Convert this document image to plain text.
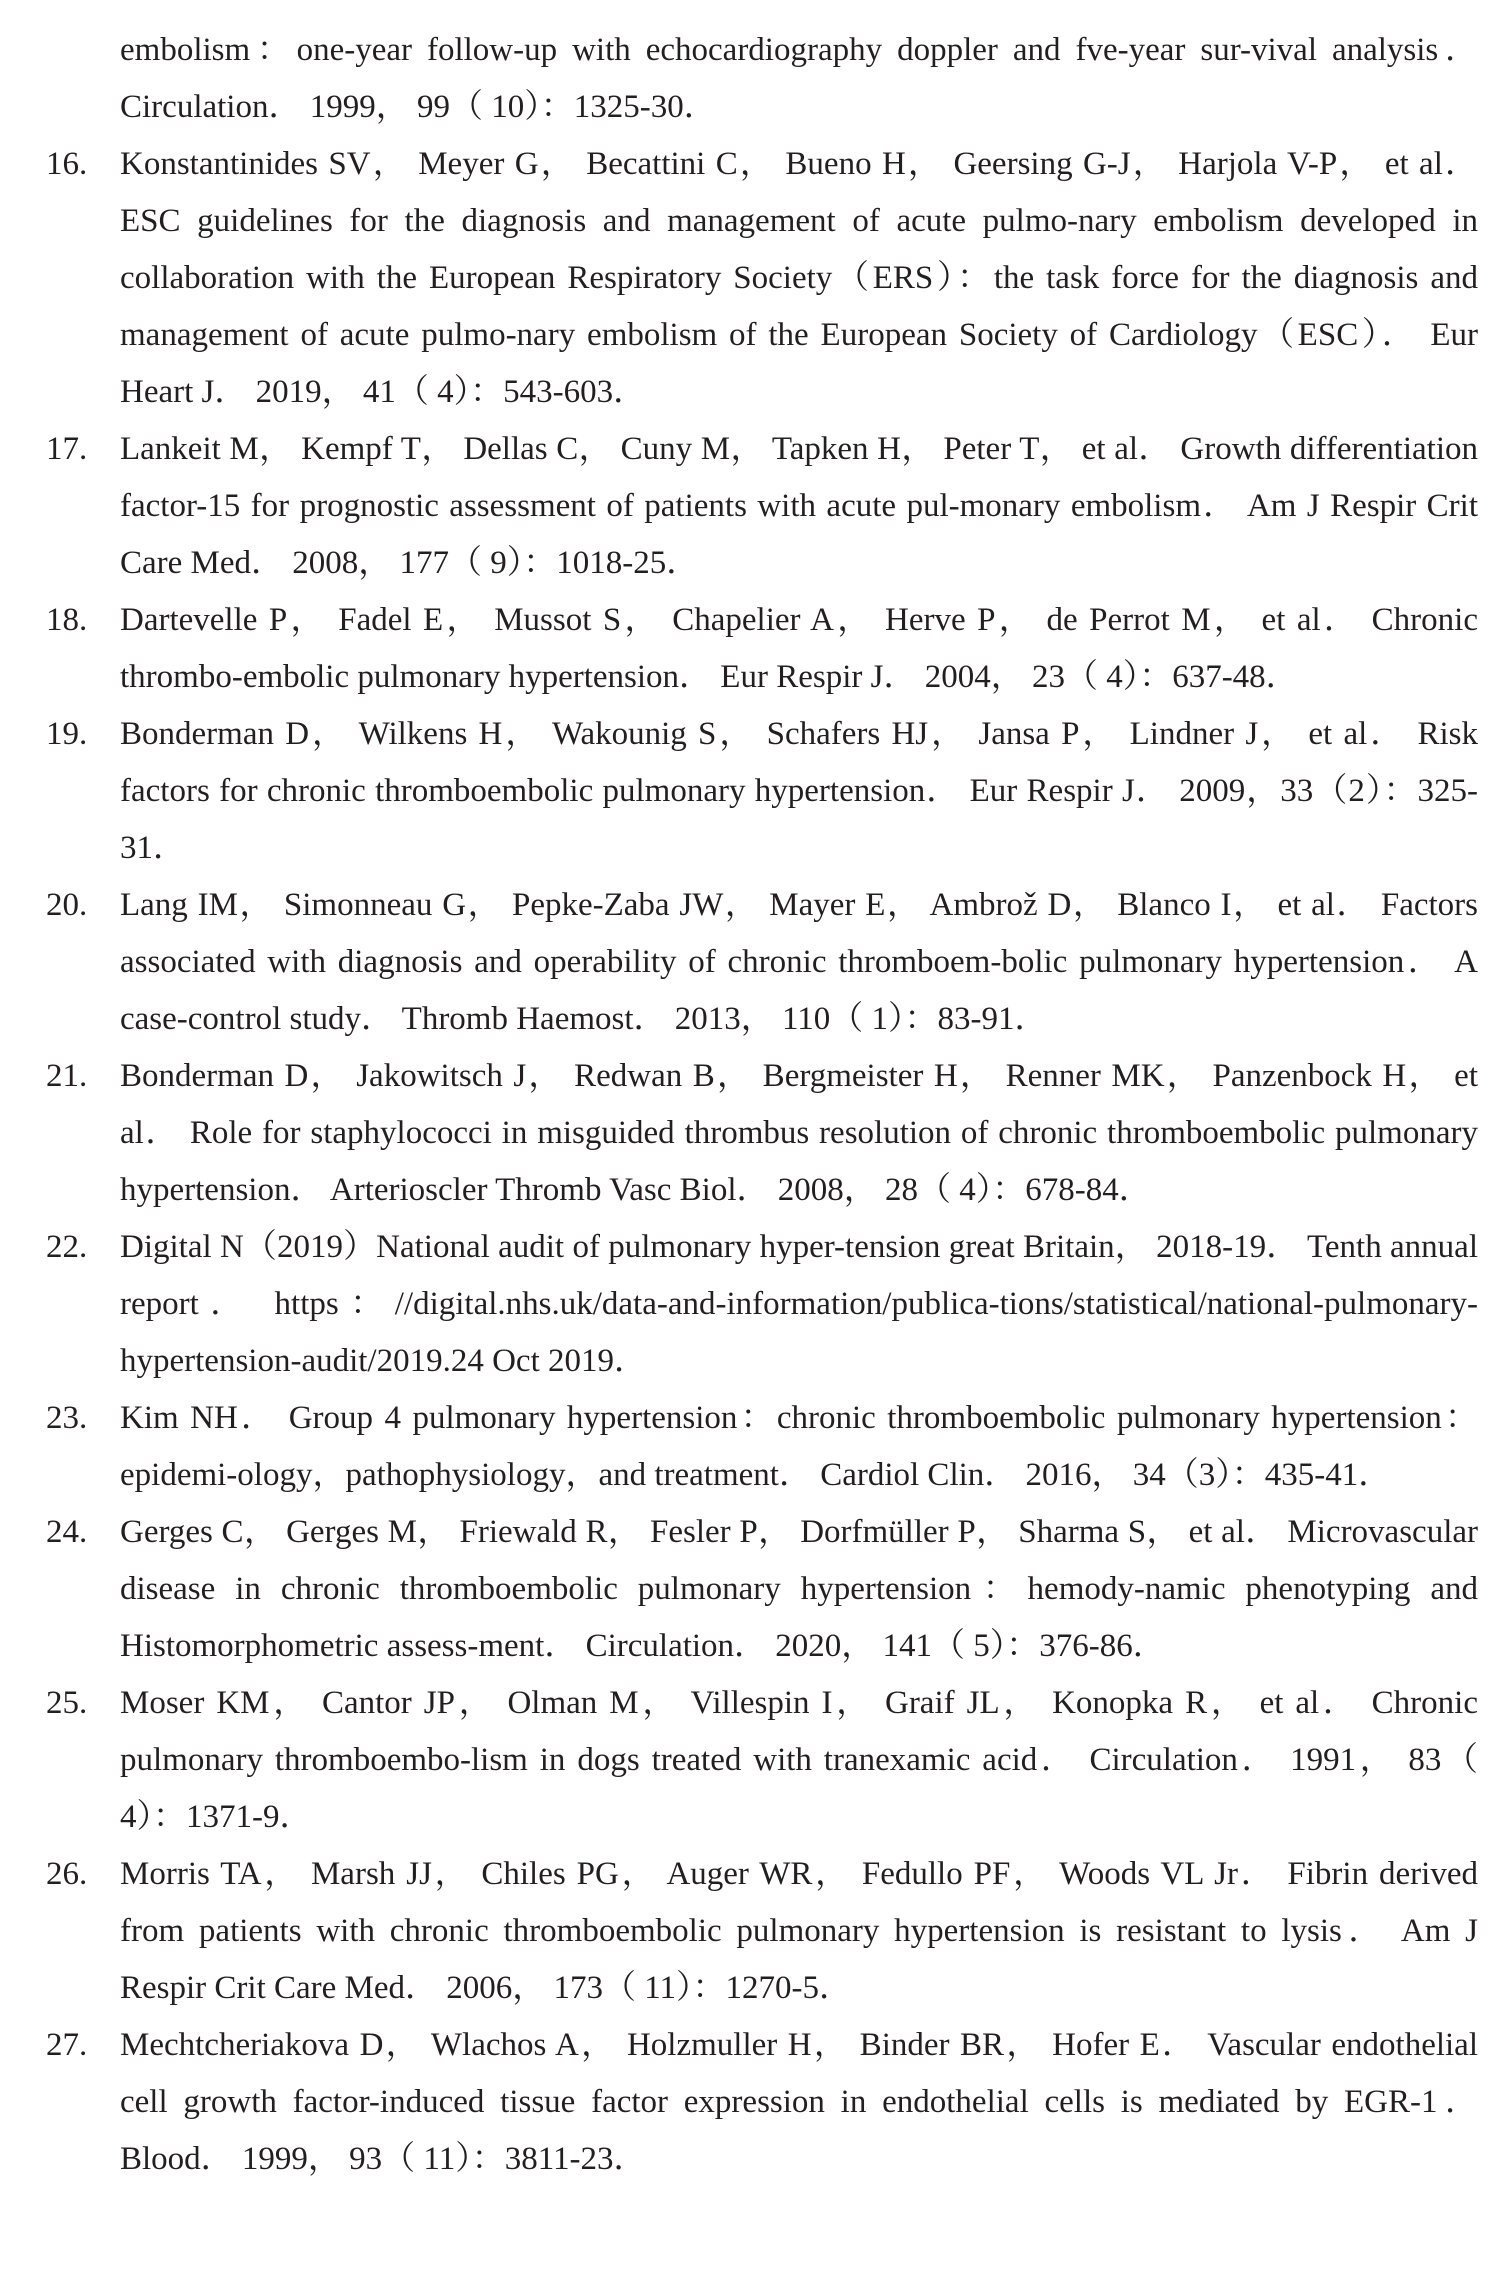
embolism：one-year follow-up with echocardiography doppler and fve-year sur-vival analysis． Circulation． 1999， 99（ 10）：1325-30．
16. Konstantinides SV， Meyer G， Becattini C， Bueno H， Geersing G-J， Harjola V-P， et al． ESC guidelines for the diagnosis and management of acute pulmo-nary embolism developed in collaboration with the European Respiratory Society（ERS）：the task force for the diagnosis and management of acute pulmo-nary embolism of the European Society of Cardiology（ESC）． Eur Heart J． 2019， 41（ 4）：543-603．
17. Lankeit M， Kempf T， Dellas C， Cuny M， Tapken H， Peter T， et al． Growth differentiation factor-15 for prognostic assessment of patients with acute pul-monary embolism． Am J Respir Crit Care Med． 2008， 177（ 9）：1018-25．
18. Dartevelle P， Fadel E， Mussot S， Chapelier A， Herve P， de Perrot M， et al． Chronic thrombo-embolic pulmonary hypertension． Eur Respir J． 2004， 23（ 4）：637-48．
19. Bonderman D， Wilkens H， Wakounig S， Schafers HJ， Jansa P， Lindner J， et al． Risk factors for chronic thromboembolic pulmonary hypertension． Eur Respir J． 2009，33（2）：325-31．
20. Lang IM， Simonneau G， Pepke-Zaba JW， Mayer E， Ambrož D， Blanco I， et al． Factors associated with diagnosis and operability of chronic thromboem-bolic pulmonary hypertension． A case-control study． Thromb Haemost． 2013， 110（ 1）：83-91．
21. Bonderman D， Jakowitsch J， Redwan B， Bergmeister H， Renner MK， Panzenbock H， et al． Role for staphylococci in misguided thrombus resolution of chronic thromboembolic pulmonary hypertension． Arterioscler Thromb Vasc Biol． 2008， 28（ 4）：678-84．
22. Digital N（2019）National audit of pulmonary hyper-tension great Britain， 2018-19． Tenth annual report． https：//digital.nhs.uk/data-and-information/publica-tions/statistical/national-pulmonary-hypertension-audit/2019.24 Oct 2019．
23. Kim NH． Group 4 pulmonary hypertension：chronic thromboembolic pulmonary hypertension：epidemi-ology，pathophysiology，and treatment． Cardiol Clin． 2016， 34（3）：435-41．
24. Gerges C， Gerges M， Friewald R， Fesler P， Dorfmüller P， Sharma S， et al． Microvascular disease in chronic thromboembolic pulmonary hypertension：hemody-namic phenotyping and Histomorphometric assess-ment． Circulation． 2020， 141（ 5）：376-86．
25. Moser KM， Cantor JP， Olman M， Villespin I， Graif JL， Konopka R， et al． Chronic pulmonary thromboembo-lism in dogs treated with tranexamic acid． Circulation． 1991， 83（ 4）：1371-9．
26. Morris TA， Marsh JJ， Chiles PG， Auger WR， Fedullo PF， Woods VL Jr． Fibrin derived from patients with chronic thromboembolic pulmonary hypertension is resistant to lysis． Am J Respir Crit Care Med． 2006， 173（ 11）：1270-5．
27. Mechtcheriakova D， Wlachos A， Holzmuller H， Binder BR， Hofer E． Vascular endothelial cell growth factor-induced tissue factor expression in endothelial cells is mediated by EGR-1． Blood． 1999， 93（ 11）：3811-23．
